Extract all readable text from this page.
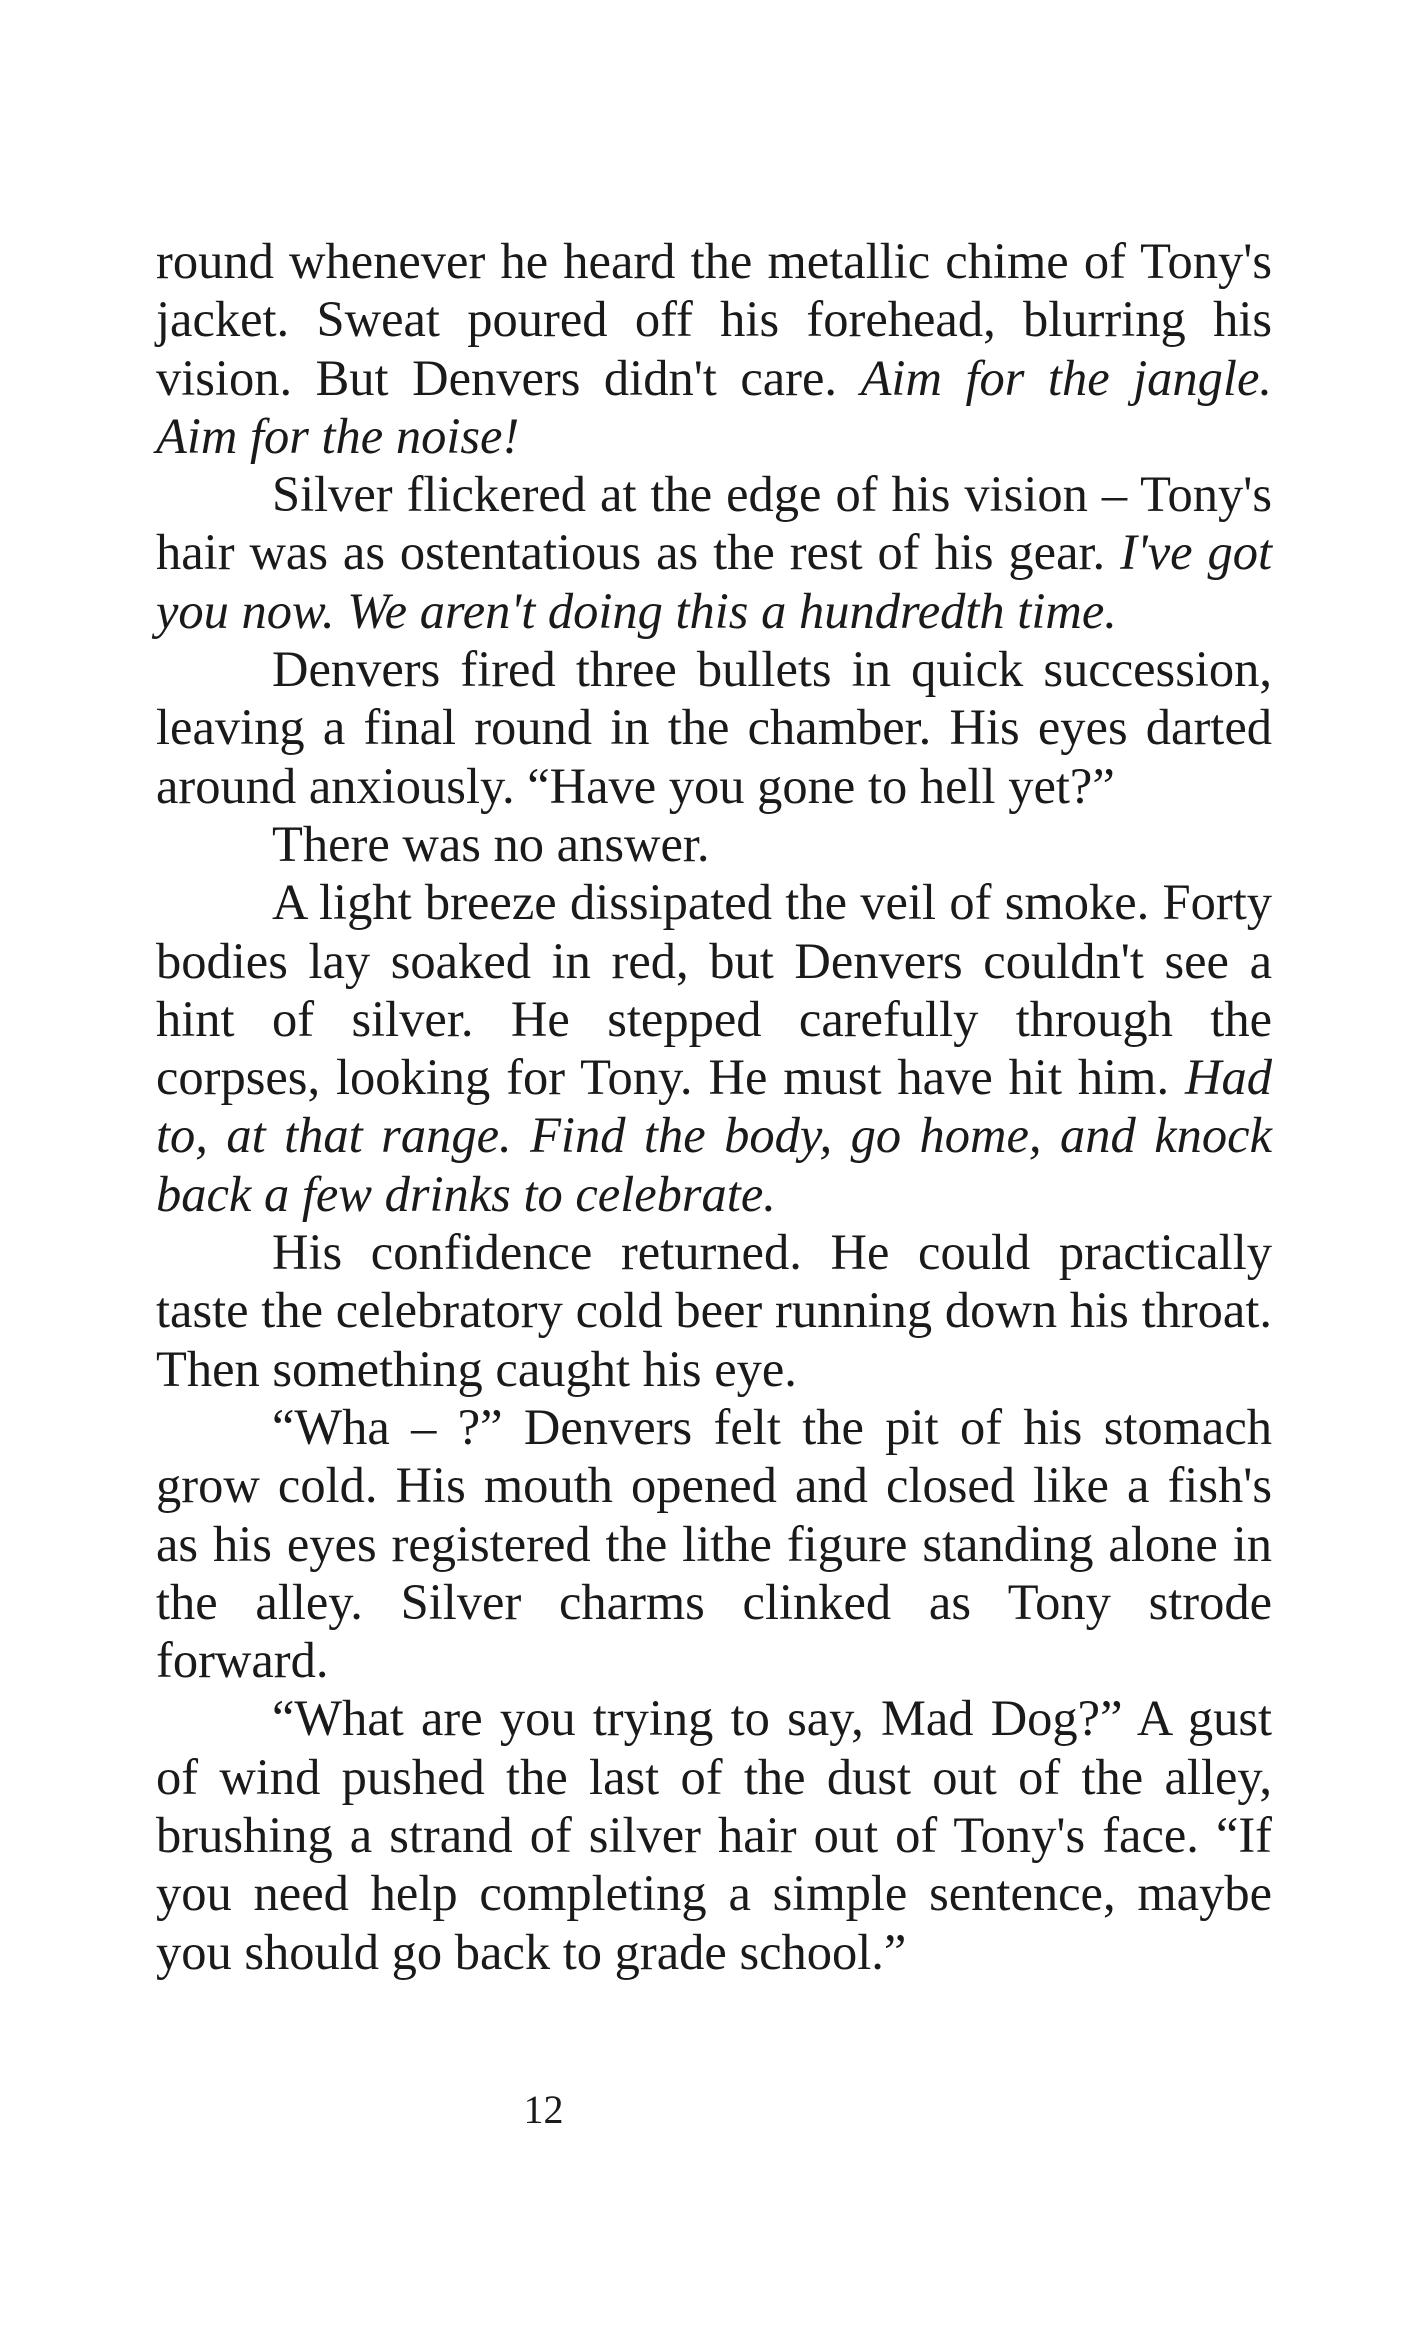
round whenever he heard the metallic chime of Tony's jacket. Sweat poured off his forehead, blurring his vision. But Denvers didn't care. Aim for the jangle. Aim for the noise!

Silver flickered at the edge of his vision – Tony's hair was as ostentatious as the rest of his gear. I've got you now. We aren't doing this a hundredth time.

Denvers fired three bullets in quick succession, leaving a final round in the chamber. His eyes darted around anxiously. “Have you gone to hell yet?”

There was no answer.

A light breeze dissipated the veil of smoke. Forty bodies lay soaked in red, but Denvers couldn't see a hint of silver. He stepped carefully through the corpses, looking for Tony. He must have hit him. Had to, at that range. Find the body, go home, and knock back a few drinks to celebrate.

His confidence returned. He could practically taste the celebratory cold beer running down his throat. Then something caught his eye.

“Wha – ?” Denvers felt the pit of his stomach grow cold. His mouth opened and closed like a fish's as his eyes registered the lithe figure standing alone in the alley. Silver charms clinked as Tony strode forward.

“What are you trying to say, Mad Dog?” A gust of wind pushed the last of the dust out of the alley, brushing a strand of silver hair out of Tony's face. “If you need help completing a simple sentence, maybe you should go back to grade school.”

12
